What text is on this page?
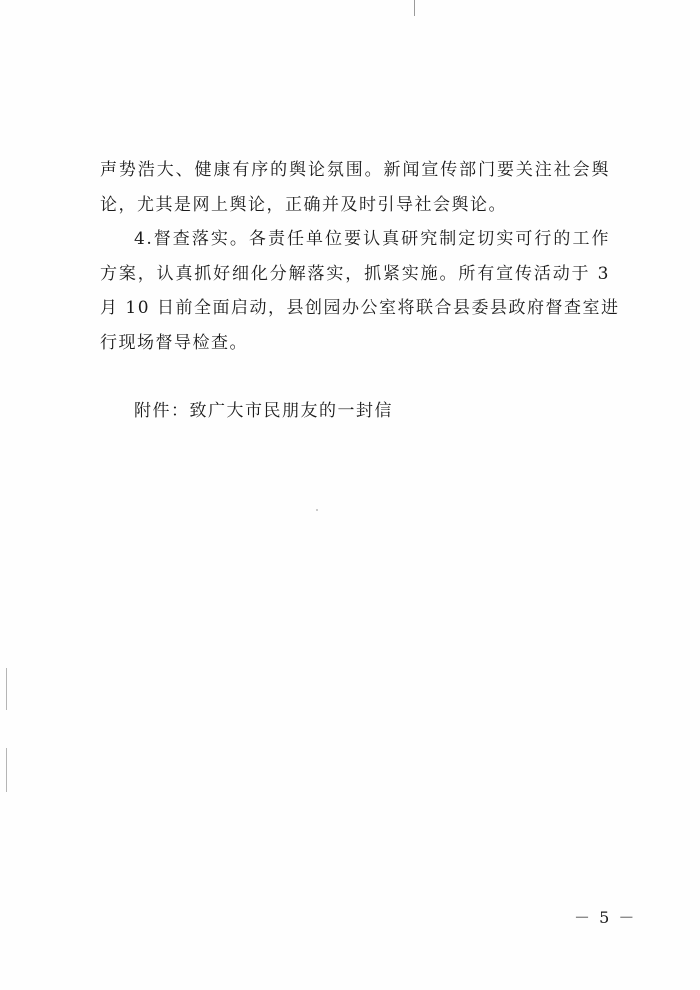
声势浩大、健康有序的舆论氛围。新闻宣传部门要关注社会舆
论，尤其是网上舆论，正确并及时引导社会舆论。
4.督查落实。各责任单位要认真研究制定切实可行的工作
方案，认真抓好细化分解落实，抓紧实施。所有宣传活动于 3
月 10 日前全面启动，县创园办公室将联合县委县政府督查室进
行现场督导检查。
附件：致广大市民朋友的一封信
－ 5 －
